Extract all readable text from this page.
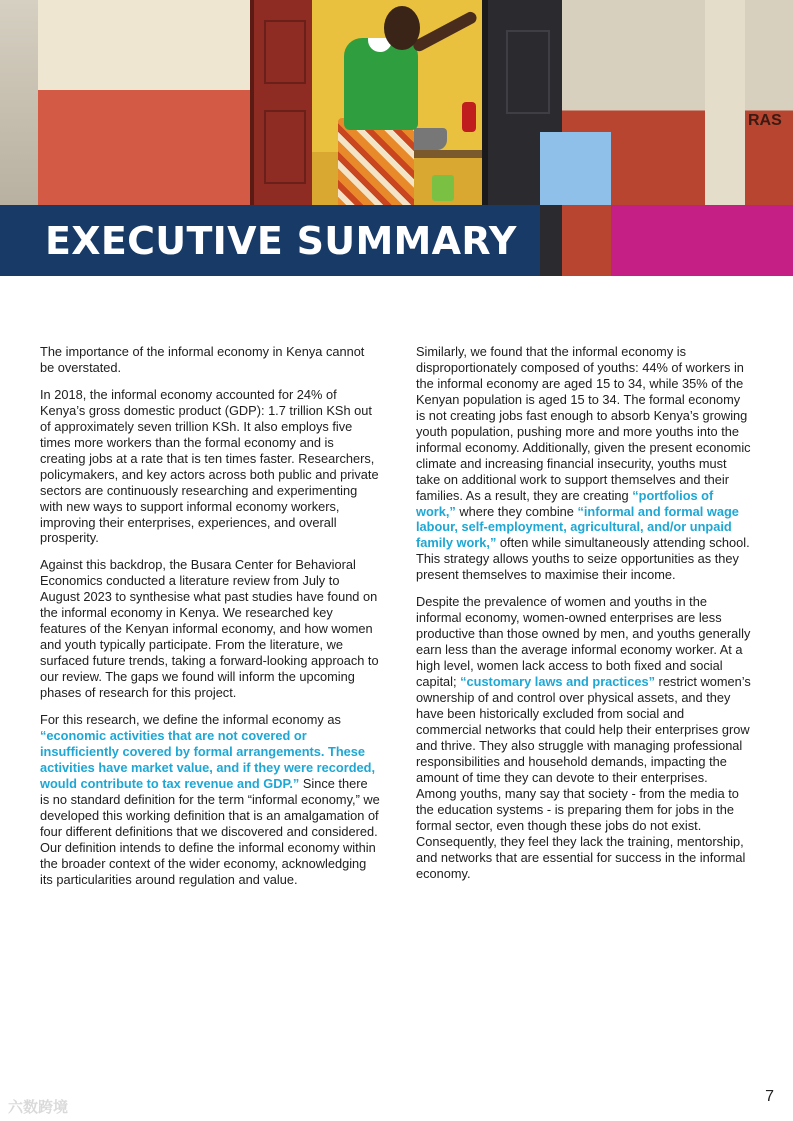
RAS
EXECUTIVE SUMMARY

The importance of the informal economy in Kenya cannot be overstated.

In 2018, the informal economy accounted for 24% of Kenya’s gross domestic product (GDP): 1.7 trillion KSh out of approximately seven trillion KSh. It also employs five times more workers than the formal economy and is creating jobs at a rate that is ten times faster. Researchers, policymakers, and key actors across both public and private sectors are continuously researching and experimenting with new ways to support informal economy workers, improving their enterprises, experiences, and overall prosperity.

Against this backdrop, the Busara Center for Behavioral Economics conducted a literature review from July to August 2023 to synthesise what past studies have found on the informal economy in Kenya. We researched key features of the Kenyan informal economy, and how women and youth typically participate. From the literature, we surfaced future trends, taking a forward-looking approach to our review. The gaps we found will inform the upcoming phases of research for this project.

For this research, we define the informal economy as “economic activities that are not covered or insufficiently covered by formal arrangements. These activities have market value, and if they were recorded, would contribute to tax revenue and GDP.” Since there is no standard definition for the term “informal economy,” we developed this working definition that is an amalgamation of four different definitions that we discovered and considered. Our definition intends to define the informal economy within the broader context of the wider economy, acknowledging its particularities around regulation and value.

Similarly, we found that the informal economy is disproportionately composed of youths: 44% of workers in the informal economy are aged 15 to 34, while 35% of the Kenyan population is aged 15 to 34. The formal economy is not creating jobs fast enough to absorb Kenya’s growing youth population, pushing more and more youths into the informal economy. Additionally, given the present economic climate and increasing financial insecurity, youths must take on additional work to support themselves and their families. As a result, they are creating “portfolios of work,” where they combine “informal and formal wage labour, self-employment, agricultural, and/or unpaid family work,” often while simultaneously attending school. This strategy allows youths to seize opportunities as they present themselves to maximise their income.

Despite the prevalence of women and youths in the informal economy, women-owned enterprises are less productive than those owned by men, and youths generally earn less than the average informal economy worker. At a high level, women lack access to both fixed and social capital; “customary laws and practices” restrict women’s ownership of and control over physical assets, and they have been historically excluded from social and commercial networks that could help their enterprises grow and thrive. They also struggle with managing professional responsibilities and household demands, impacting the amount of time they can devote to their enterprises. Among youths, many say that society - from the media to the education systems - is preparing them for jobs in the formal sector, even though these jobs do not exist. Consequently, they feel they lack the training, mentorship, and networks that are essential for success in the informal economy.

六数跨境
7
